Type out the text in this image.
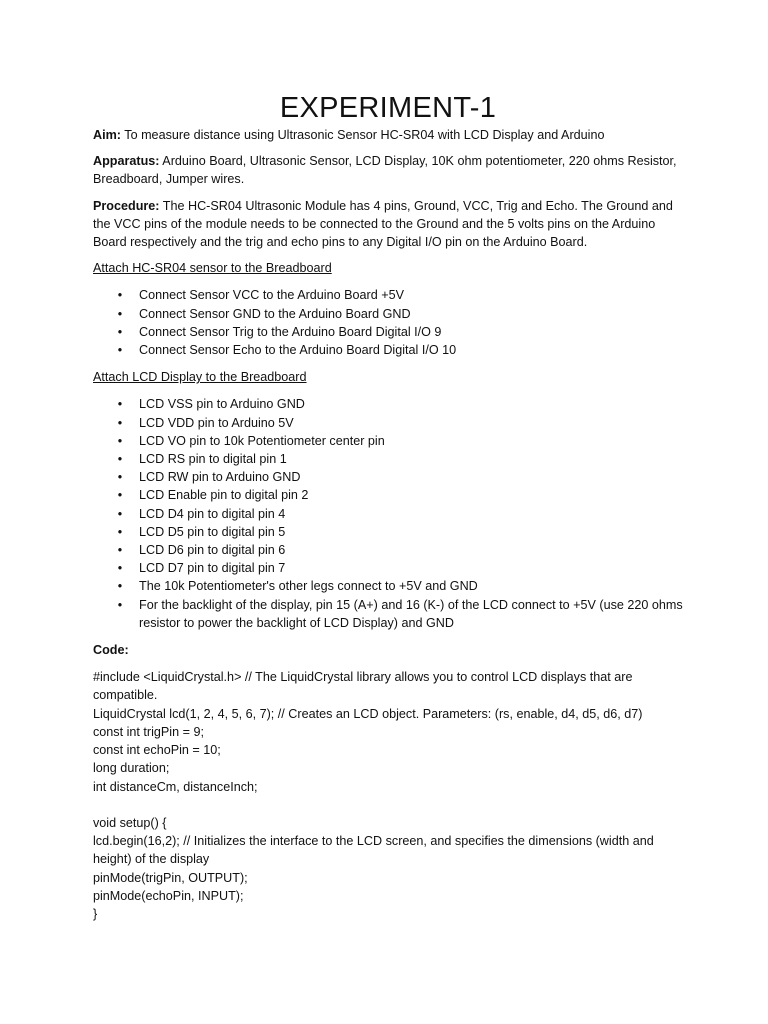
EXPERIMENT-1

Aim: To measure distance using Ultrasonic Sensor HC-SR04 with LCD Display and Arduino

Apparatus: Arduino Board, Ultrasonic Sensor, LCD Display, 10K ohm potentiometer, 220 ohms Resistor, Breadboard, Jumper wires.

Procedure: The HC-SR04 Ultrasonic Module has 4 pins, Ground, VCC, Trig and Echo. The Ground and the VCC pins of the module needs to be connected to the Ground and the 5 volts pins on the Arduino Board respectively and the trig and echo pins to any Digital I/O pin on the Arduino Board.

Attach HC-SR04 sensor to the Breadboard

• Connect Sensor VCC to the Arduino Board +5V
• Connect Sensor GND to the Arduino Board GND
• Connect Sensor Trig to the Arduino Board Digital I/O 9
• Connect Sensor Echo to the Arduino Board Digital I/O 10

Attach LCD Display to the Breadboard

• LCD VSS pin to Arduino GND
• LCD VDD pin to Arduino 5V
• LCD VO pin to 10k Potentiometer center pin
• LCD RS pin to digital pin 1
• LCD RW pin to Arduino GND
• LCD Enable pin to digital pin 2
• LCD D4 pin to digital pin 4
• LCD D5 pin to digital pin 5
• LCD D6 pin to digital pin 6
• LCD D7 pin to digital pin 7
• The 10k Potentiometer's other legs connect to +5V and GND
• For the backlight of the display, pin 15 (A+) and 16 (K-) of the LCD connect to +5V (use 220 ohms resistor to power the backlight of LCD Display) and GND

Code:

#include <LiquidCrystal.h> // The LiquidCrystal library allows you to control LCD displays that are compatible.
LiquidCrystal lcd(1, 2, 4, 5, 6, 7); // Creates an LCD object. Parameters: (rs, enable, d4, d5, d6, d7)
const int trigPin = 9;
const int echoPin = 10;
long duration;
int distanceCm, distanceInch;
void setup() {
lcd.begin(16,2); // Initializes the interface to the LCD screen, and specifies the dimensions (width and height) of the display
pinMode(trigPin, OUTPUT);
pinMode(echoPin, INPUT);
}
